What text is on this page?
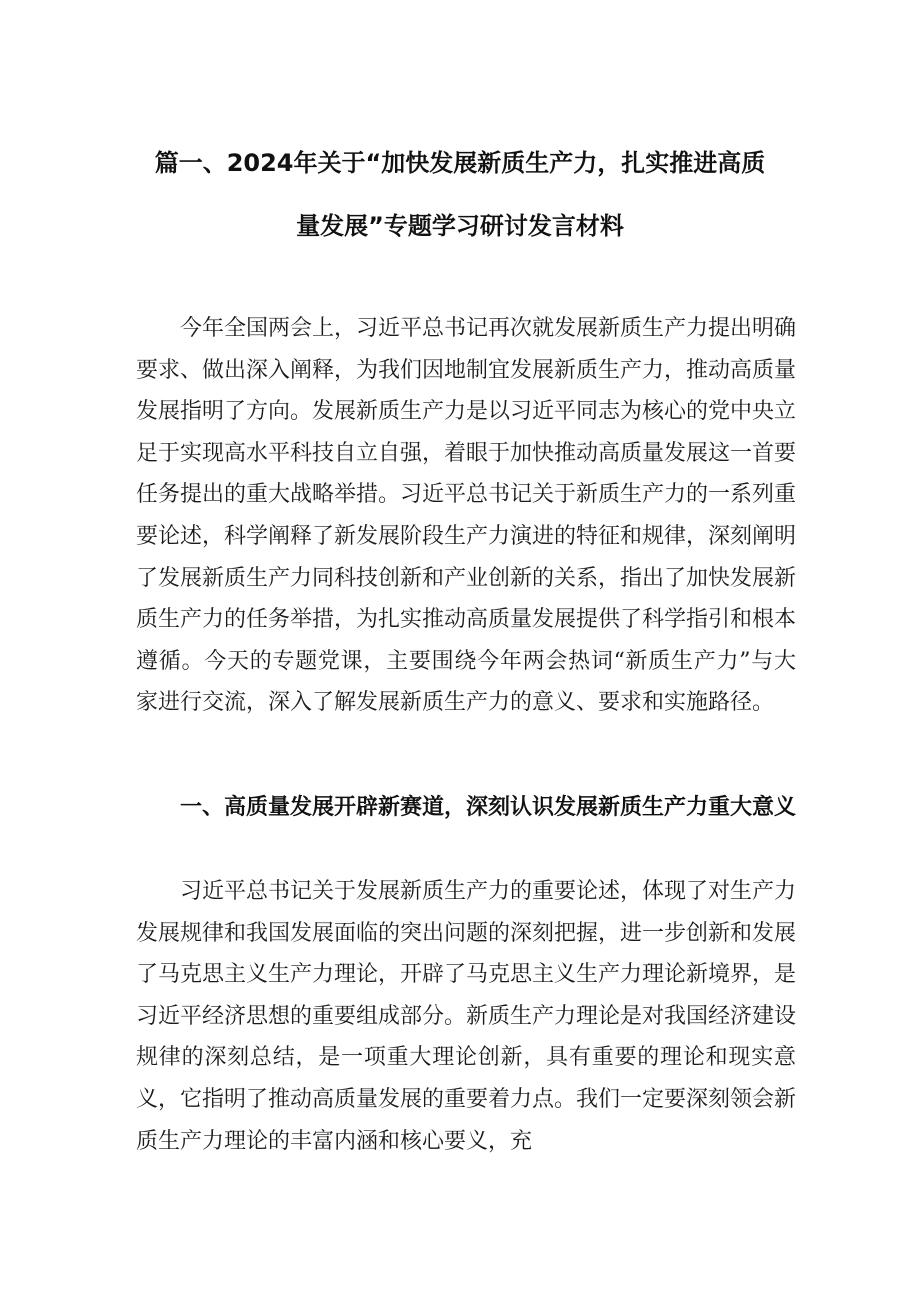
篇一、2024年关于“加快发展新质生产力，扎实推进高质
量发展”专题学习研讨发言材料

今年全国两会上，习近平总书记再次就发展新质生产力提出明确要求、做出深入阐释，为我们因地制宜发展新质生产力，推动高质量发展指明了方向。发展新质生产力是以习近平同志为核心的党中央立足于实现高水平科技自立自强，着眼于加快推动高质量发展这一首要任务提出的重大战略举措。习近平总书记关于新质生产力的一系列重要论述，科学阐释了新发展阶段生产力演进的特征和规律，深刻阐明了发展新质生产力同科技创新和产业创新的关系，指出了加快发展新质生产力的任务举措，为扎实推动高质量发展提供了科学指引和根本遵循。今天的专题党课，主要围绕今年两会热词“新质生产力”与大家进行交流，深入了解发展新质生产力的意义、要求和实施路径。

一、高质量发展开辟新赛道，深刻认识发展新质生产力重大意义

习近平总书记关于发展新质生产力的重要论述，体现了对生产力发展规律和我国发展面临的突出问题的深刻把握，进一步创新和发展了马克思主义生产力理论，开辟了马克思主义生产力理论新境界，是习近平经济思想的重要组成部分。新质生产力理论是对我国经济建设规律的深刻总结，是一项重大理论创新，具有重要的理论和现实意义，它指明了推动高质量发展的重要着力点。我们一定要深刻领会新质生产力理论的丰富内涵和核心要义，充
